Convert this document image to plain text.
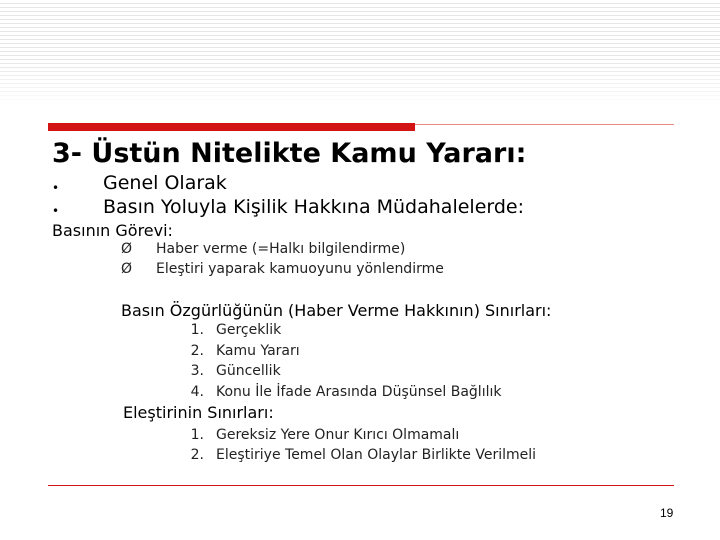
3- Üstün Nitelikte Kamu Yararı:
• Genel Olarak
• Basın Yoluyla Kişilik Hakkına Müdahalelerde:
Basının Görevi:
Ø Haber verme (=Halkı bilgilendirme)
Ø Eleştiri yaparak kamuoyunu yönlendirme
Basın Özgürlüğünün (Haber Verme Hakkının) Sınırları:
1. Gerçeklik
2. Kamu Yararı
3. Güncellik
4. Konu İle İfade Arasında Düşünsel Bağlılık
Eleştirinin Sınırları:
1. Gereksiz Yere Onur Kırıcı Olmamalı
2. Eleştiriye Temel Olan Olaylar Birlikte Verilmeli
19
